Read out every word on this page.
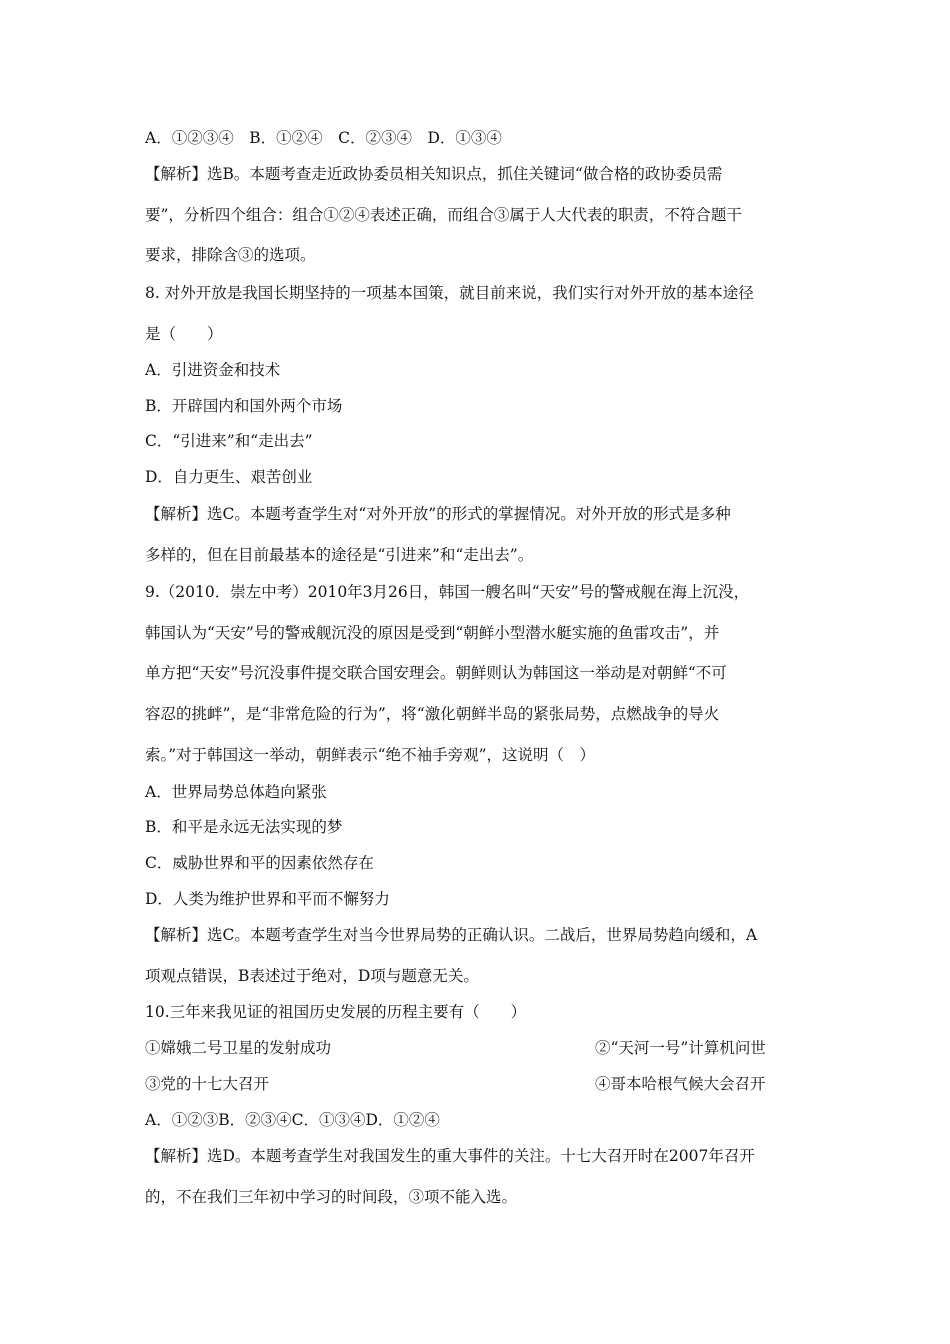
A．①②③④　B．①②④　C．②③④　D．①③④
【解析】选B。本题考查走近政协委员相关知识点，抓住关键词“做合格的政协委员需
要”，分析四个组合：组合①②④表述正确，而组合③属于人大代表的职责，不符合题干
要求，排除含③的选项。
8. 对外开放是我国长期坚持的一项基本国策，就目前来说，我们实行对外开放的基本途径
是（　　）
A．引进资金和技术
B．开辟国内和国外两个市场
C．“引进来”和“走出去”
D．自力更生、艰苦创业
【解析】选C。本题考查学生对“对外开放”的形式的掌握情况。对外开放的形式是多种
多样的，但在目前最基本的途径是“引进来”和“走出去”。
9.（2010．崇左中考）2010年3月26日，韩国一艘名叫“天安”号的警戒舰在海上沉没，
韩国认为“天安”号的警戒舰沉没的原因是受到“朝鲜小型潜水艇实施的鱼雷攻击”，并
单方把“天安”号沉没事件提交联合国安理会。朝鲜则认为韩国这一举动是对朝鲜“不可
容忍的挑衅”，是“非常危险的行为”，将“激化朝鲜半岛的紧张局势，点燃战争的导火
索。”对于韩国这一举动，朝鲜表示“绝不袖手旁观”，这说明（　）
A．世界局势总体趋向紧张
B．和平是永远无法实现的梦
C．威胁世界和平的因素依然存在
D．人类为维护世界和平而不懈努力
【解析】选C。本题考查学生对当今世界局势的正确认识。二战后，世界局势趋向缓和，A
项观点错误，B表述过于绝对，D项与题意无关。
10.三年来我见证的祖国历史发展的历程主要有（　　）
①嫦娥二号卫星的发射成功	②“天河一号”计算机问世
③党的十七大召开	④哥本哈根气候大会召开
A．①②③B．②③④C．①③④D．①②④
【解析】选D。本题考查学生对我国发生的重大事件的关注。十七大召开时在2007年召开
的，不在我们三年初中学习的时间段，③项不能入选。
